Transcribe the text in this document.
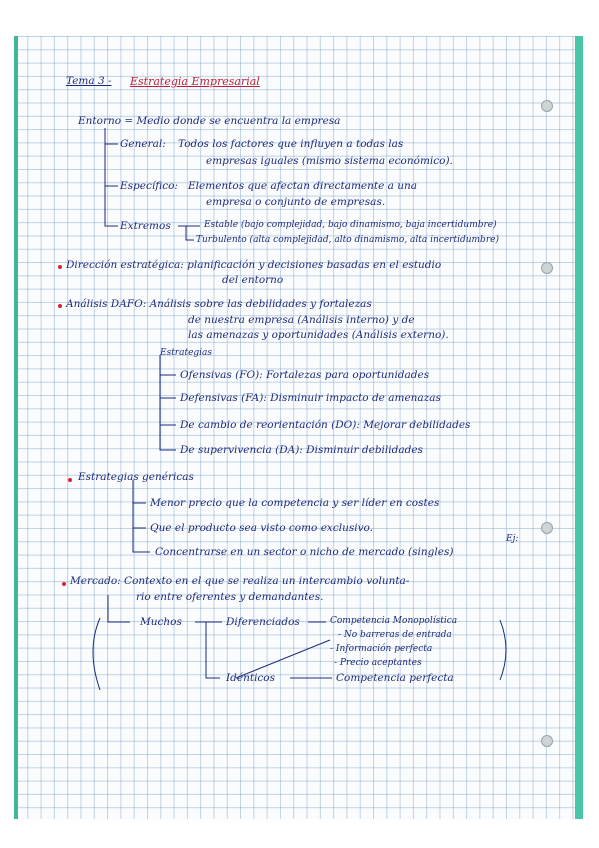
Tema 3 - Estrategia Empresarial
Entorno = Medio donde se encuentra la empresa
General: Todos los factores que influyen a todas las
empresas iguales (mismo sistema económico).
Específico: Elementos que afectan directamente a una
empresa o conjunto de empresas.
Extremos	Estable (bajo complejidad, bajo dinamismo, baja incertidumbre)
Turbulento (alta complejidad, alto dinamismo, alta incertidumbre)
Dirección estratégica: planificación y decisiones basadas en el estudio
del entorno
Análisis DAFO: Análisis sobre las debilidades y fortalezas
de nuestra empresa (Análisis interno) y de
las amenazas y oportunidades (Análisis externo).
Estrategias
Ofensivas (FO): Fortalezas para oportunidades
Defensivas (FA): Disminuir impacto de amenazas
De cambio de reorientación (DO): Mejorar debilidades
De supervivencia (DA): Disminuir debilidades
Estrategias genéricas
Menor precio que la competencia y ser líder en costes
Que el producto sea visto como exclusivo.
Ej:
Concentrarse en un sector o nicho de mercado (singles)
Mercado: Contexto en el que se realiza un intercambio volunta-
rio entre oferentes y demandantes.
Muchos	Diferenciados	Competencia Monopolística
- No barreras de entrada
- Información perfecta
- Precio aceptantes
Idénticos	Competencia perfecta
